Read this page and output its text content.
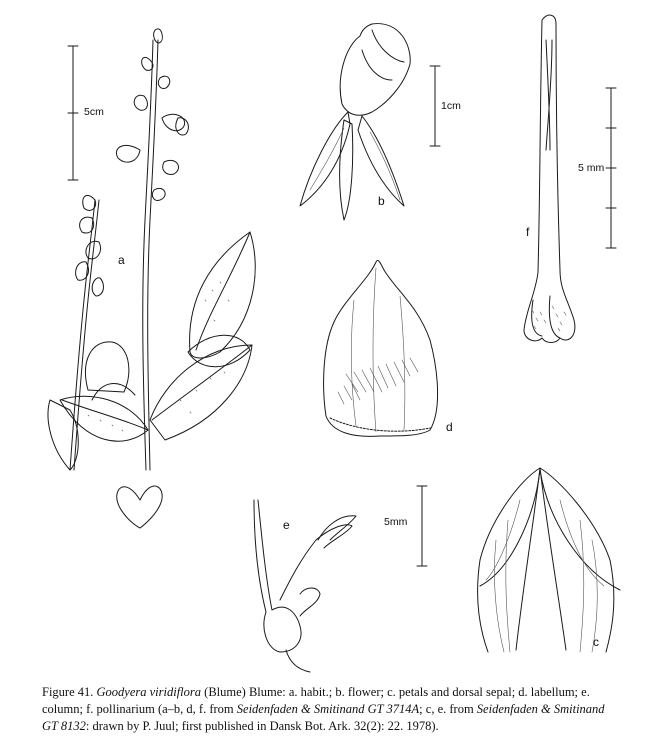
a
b
c
d
e
f
5cm	1cm
5 mm
5mm
Figure 41. Goodyera viridiflora (Blume) Blume: a. habit.; b. flower; c. petals and dorsal sepal; d. labellum; e. column; f. pollinarium (a–b, d, f. from Seidenfaden & Smitinand GT 3714A; c, e. from Seidenfaden & Smitinand GT 8132: drawn by P. Juul; first published in Dansk Bot. Ark. 32(2): 22. 1978).
